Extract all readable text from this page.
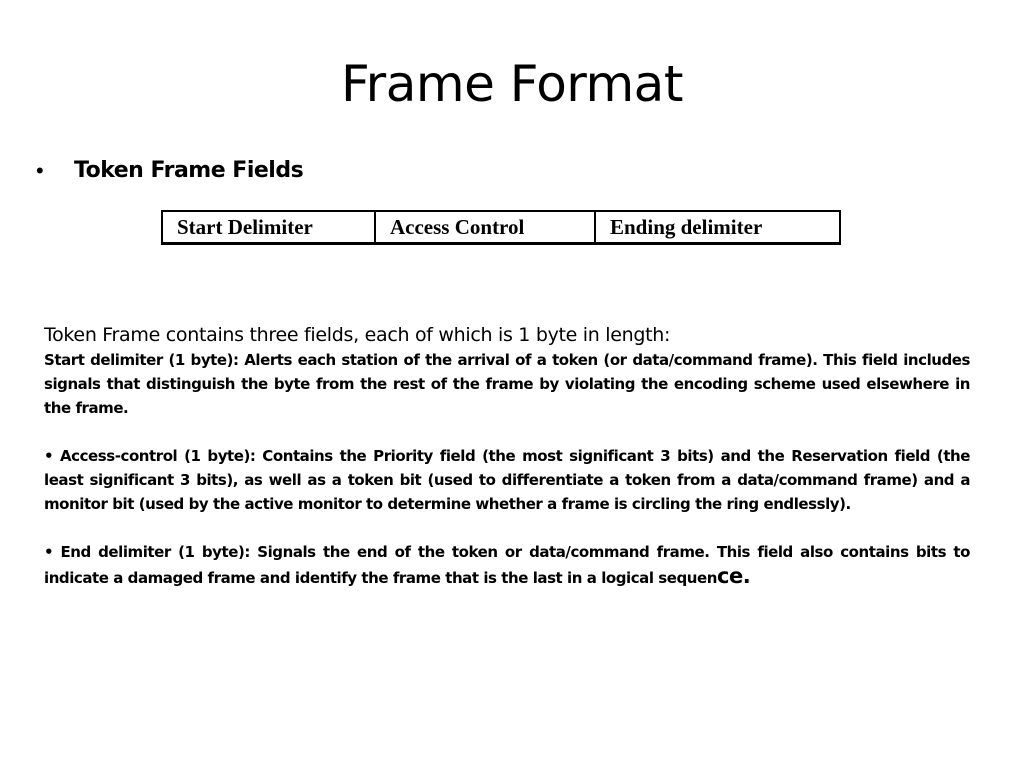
Frame Format
•	Token Frame Fields
Start Delimiter	Access Control	Ending delimiter

Token Frame contains three fields, each of which is 1 byte in length:

Start delimiter (1 byte): Alerts each station of the arrival of a token (or data/command frame). This field includes signals that distinguish the byte from the rest of the frame by violating the encoding scheme used elsewhere in the frame.

• Access-control (1 byte): Contains the Priority field (the most significant 3 bits) and the Reservation field (the least significant 3 bits), as well as a token bit (used to differentiate a token from a data/command frame) and a monitor bit (used by the active monitor to determine whether a frame is circling the ring endlessly).

• End delimiter (1 byte): Signals the end of the token or data/command frame. This field also contains bits to indicate a damaged frame and identify the frame that is the last in a logical sequence.
